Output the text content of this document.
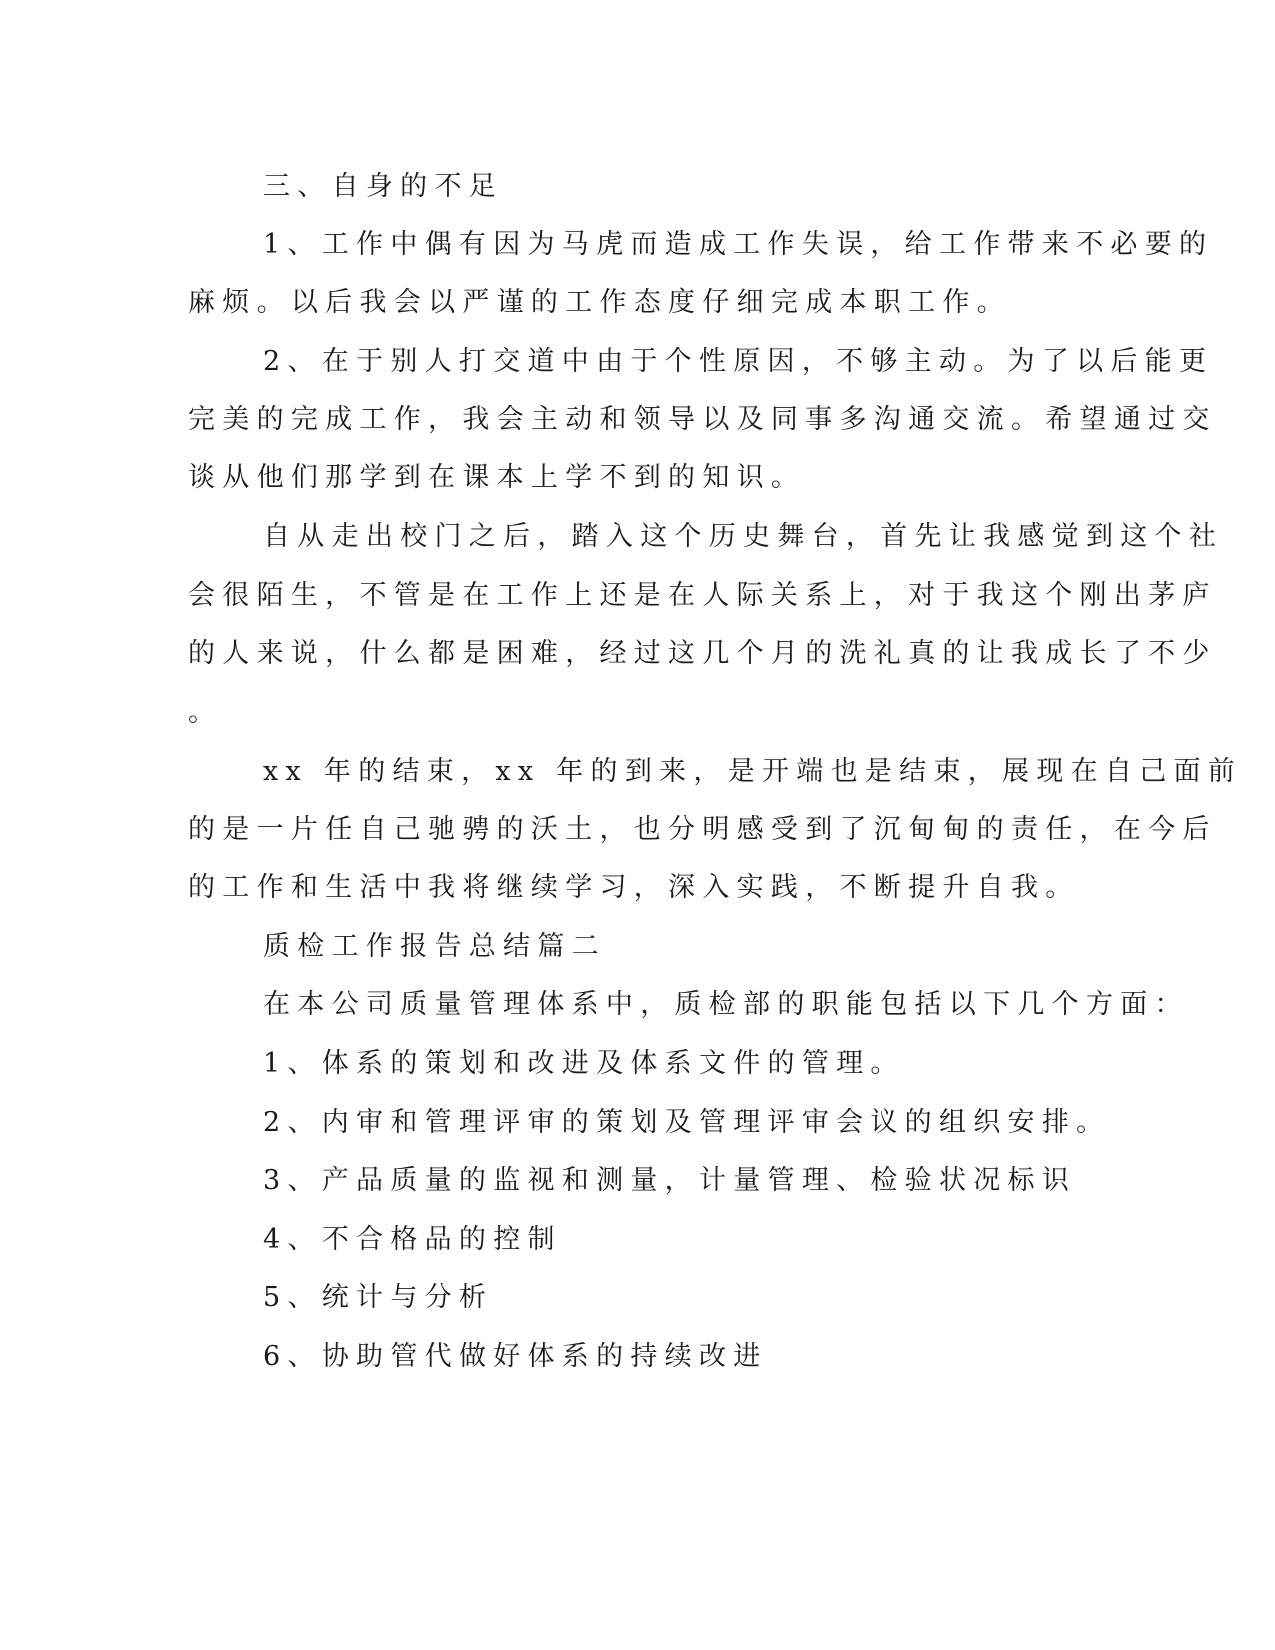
三、自身的不足

1、工作中偶有因为马虎而造成工作失误，给工作带来不必要的

麻烦。以后我会以严谨的工作态度仔细完成本职工作。

2、在于别人打交道中由于个性原因，不够主动。为了以后能更

完美的完成工作，我会主动和领导以及同事多沟通交流。希望通过交

谈从他们那学到在课本上学不到的知识。

自从走出校门之后，踏入这个历史舞台，首先让我感觉到这个社

会很陌生，不管是在工作上还是在人际关系上，对于我这个刚出茅庐

的人来说，什么都是困难，经过这几个月的洗礼真的让我成长了不少

。

xx 年的结束，xx 年的到来，是开端也是结束，展现在自己面前

的是一片任自己驰骋的沃土，也分明感受到了沉甸甸的责任，在今后

的工作和生活中我将继续学习，深入实践，不断提升自我。

质检工作报告总结篇二

在本公司质量管理体系中，质检部的职能包括以下几个方面：

1、体系的策划和改进及体系文件的管理。

2、内审和管理评审的策划及管理评审会议的组织安排。

3、产品质量的监视和测量，计量管理、检验状况标识

4、不合格品的控制

5、统计与分析

6、协助管代做好体系的持续改进
